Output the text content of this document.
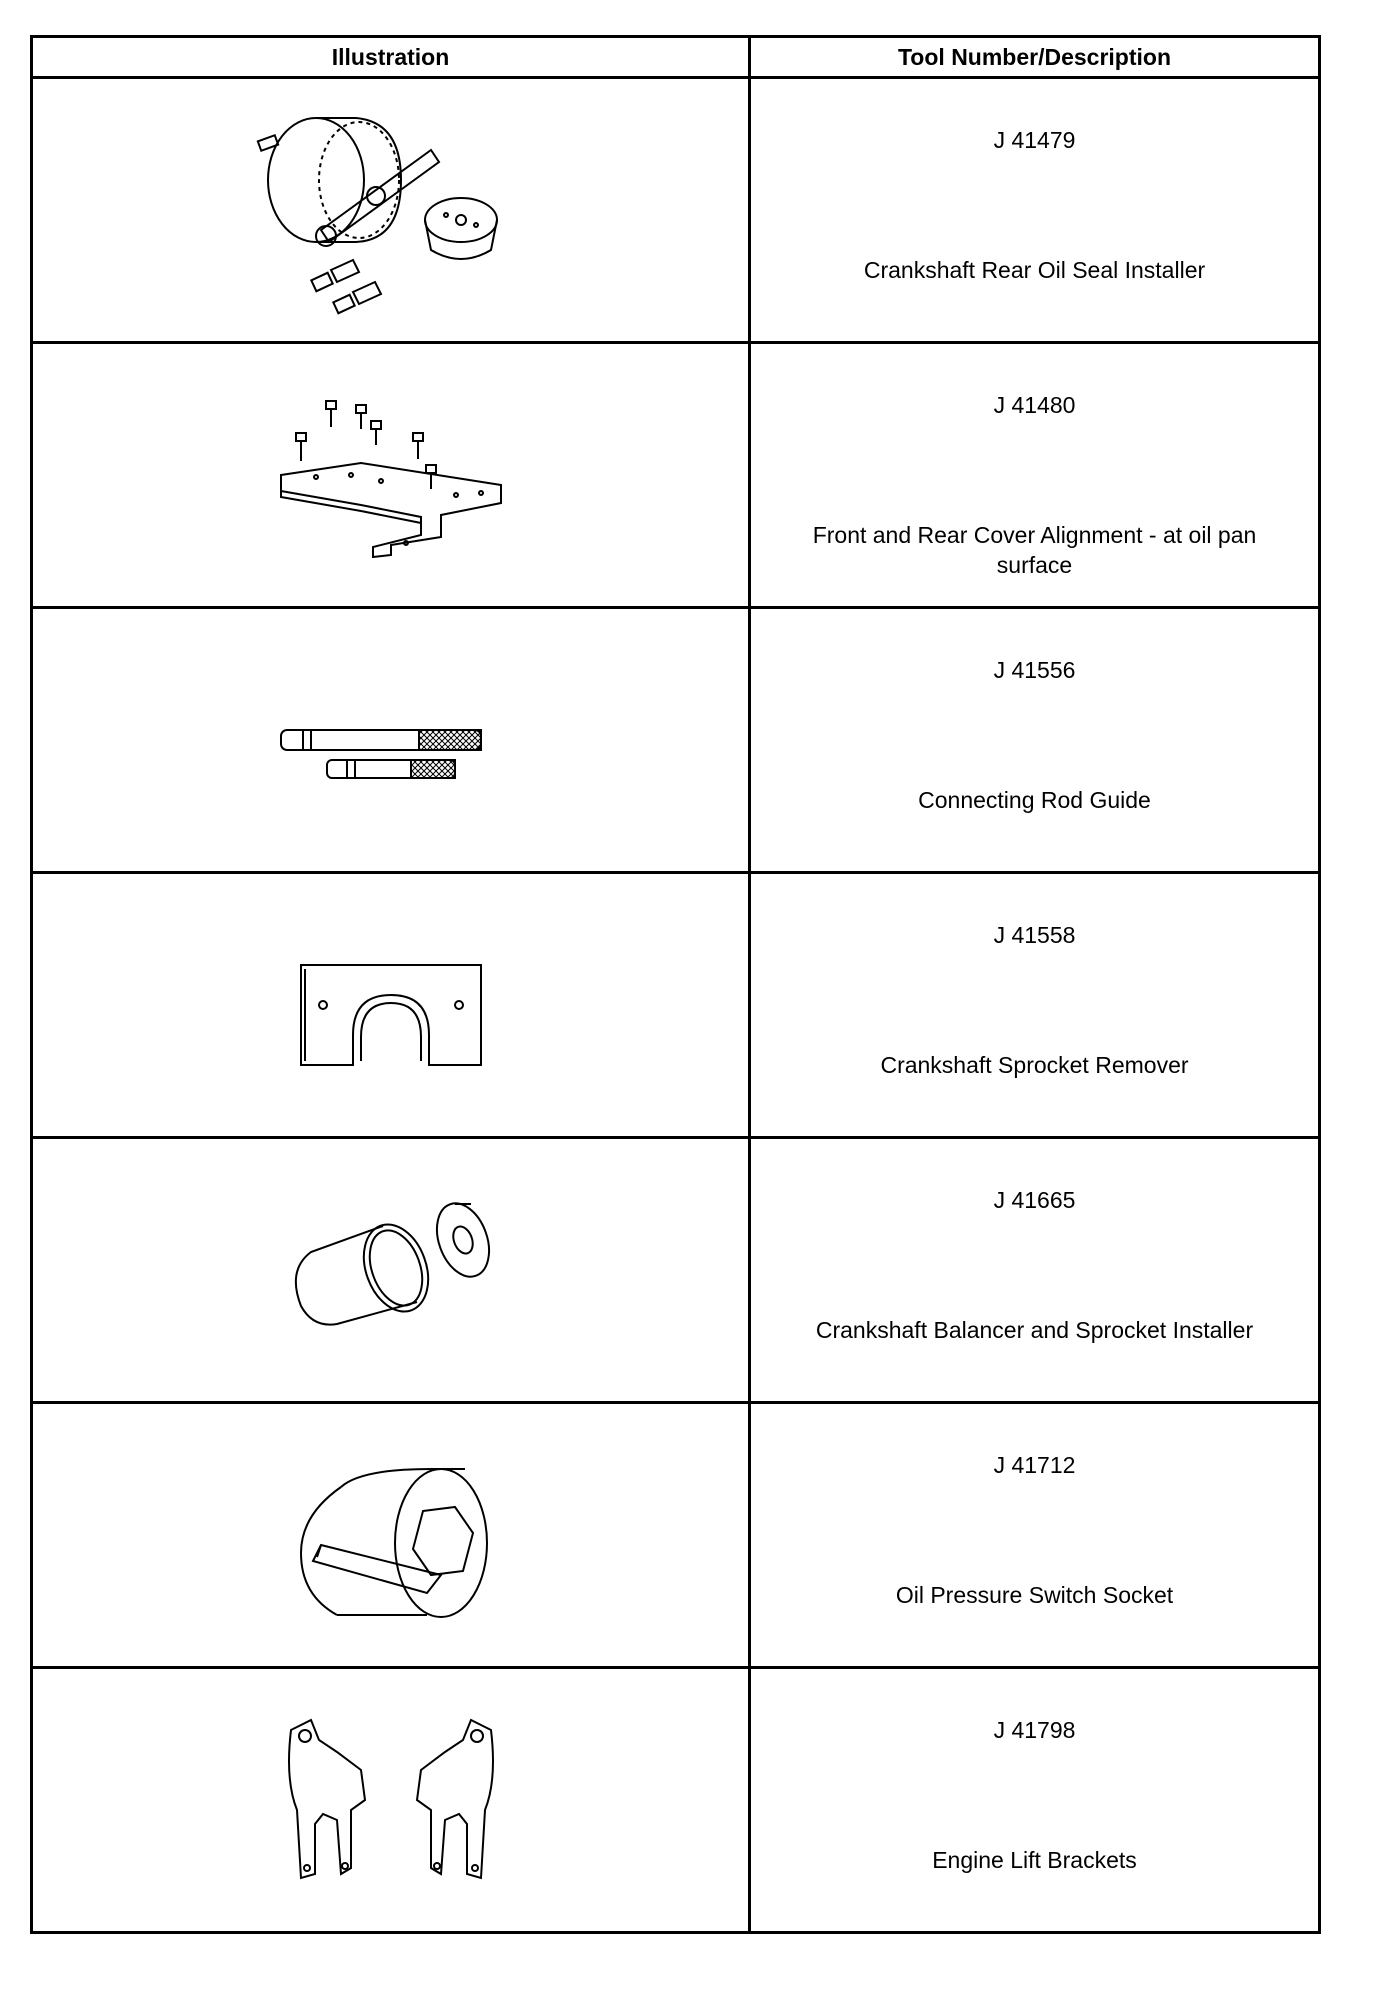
Illustration	Tool Number/Description

J 41479
Crankshaft Rear Oil Seal Installer

J 41480
Front and Rear Cover Alignment - at oil pan surface

J 41556
Connecting Rod Guide

J 41558
Crankshaft Sprocket Remover

J 41665
Crankshaft Balancer and Sprocket Installer

J 41712
Oil Pressure Switch Socket

J 41798
Engine Lift Brackets
